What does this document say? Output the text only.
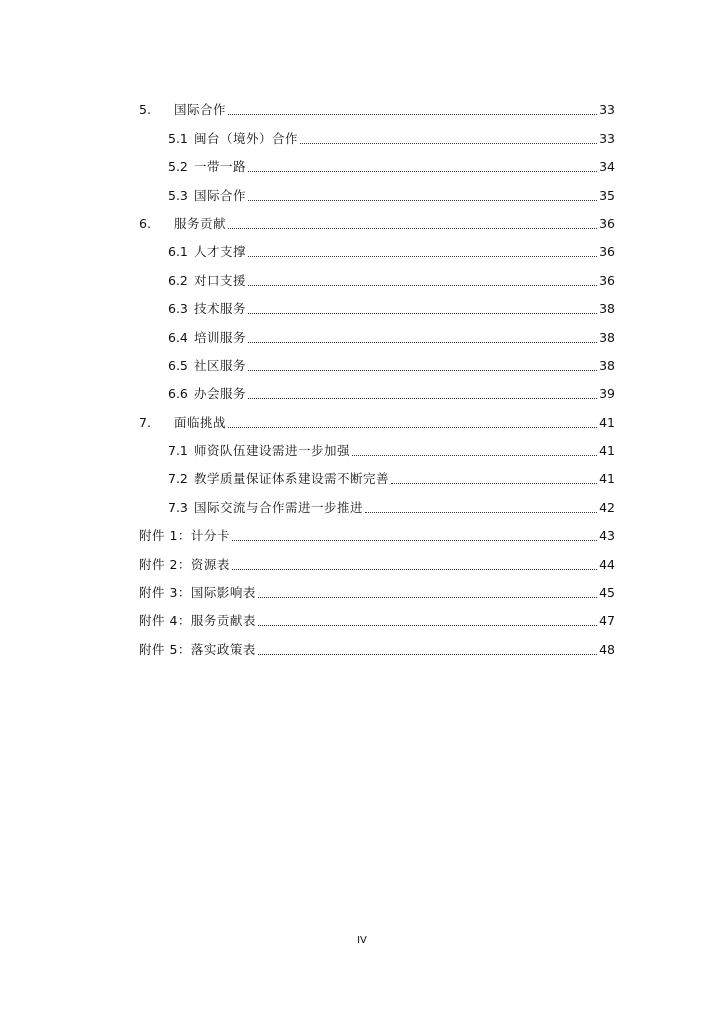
5.	国际合作	33
5.1 闽台（境外）合作	33
5.2 一带一路	34
5.3 国际合作	35
6.	服务贡献	36
6.1 人才支撑	36
6.2 对口支援	36
6.3 技术服务	38
6.4 培训服务	38
6.5 社区服务	38
6.6 办会服务	39
7.	面临挑战	41
7.1 师资队伍建设需进一步加强	41
7.2 教学质量保证体系建设需不断完善	41
7.3 国际交流与合作需进一步推进	42
附件 1：计分卡	43
附件 2：资源表	44
附件 3：国际影响表	45
附件 4：服务贡献表	47
附件 5：落实政策表	48
IV
